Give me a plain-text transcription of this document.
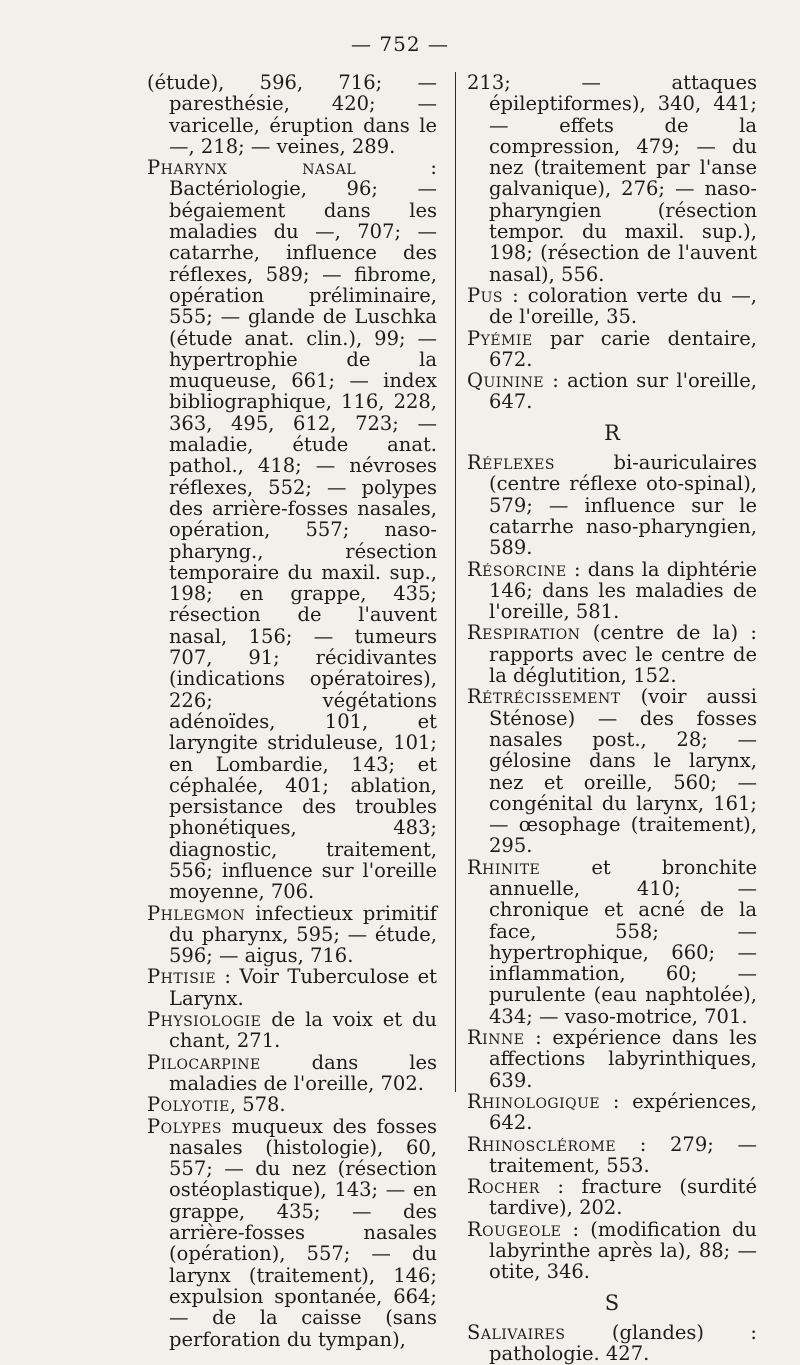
— 752 —

(étude), 596, 716; —paresthésie, 420; — varicelle, éruption dans le —, 218; — veines, 289.

Pharynx nasal : Bactériologie, 96; — bégaiement dans les maladies du —, 707; — catarrhe, influence des réflexes, 589; — fibrome, opération préliminaire, 555; — glande de Luschka (étude anat. clin.), 99; — hypertrophie de la muqueuse, 661; — index bibliographique, 116, 228, 363, 495, 612, 723; — maladie, étude anat. pathol., 418; — névroses réflexes, 552; — polypes des arrière-fosses nasales, opération, 557; naso-pharyng., résection temporaire du maxil. sup., 198; en grappe, 435; résection de l'auvent nasal, 156; — tumeurs 707, 91; récidivantes (indications opératoires), 226; végétations adénoïdes, 101, et laryngite striduleuse, 101; en Lombardie, 143; et céphalée, 401; ablation, persistance des troubles phonétiques, 483; diagnostic, traitement, 556; influence sur l'oreille moyenne, 706.

Phlegmon infectieux primitif du pharynx, 595; — étude, 596; — aigus, 716.

Phtisie : Voir Tuberculose et Larynx.

Physiologie de la voix et du chant, 271.

Pilocarpine dans les maladies de l'oreille, 702.

Polyotie, 578.

Polypes muqueux des fosses nasales (histologie), 60, 557; — du nez (résection ostéoplastique), 143; — en grappe, 435; — des arrière-fosses nasales (opération), 557; — du larynx (traitement), 146; expulsion spontanée, 664; — de la caisse (sans perforation du tympan),

213; — attaques épileptiformes), 340, 441; — effets de la compression, 479; — du nez (traitement par l'anse galvanique), 276; — naso-pharyngien (résection tempor. du maxil. sup.), 198; (résection de l'auvent nasal), 556.

Pus : coloration verte du —, de l'oreille, 35.

Pyémie par carie dentaire, 672.

Quinine : action sur l'oreille, 647.

R

Réflexes bi-auriculaires (centre réflexe oto-spinal), 579; — influence sur le catarrhe naso-pharyngien, 589.

Résorcine : dans la diphtérie 146; dans les maladies de l'oreille, 581.

Respiration (centre de la) : rapports avec le centre de la déglutition, 152.

Rétrécissement (voir aussi Sténose) — des fosses nasales post., 28; — gélosine dans le larynx, nez et oreille, 560; — congénital du larynx, 161; — œsophage (traitement), 295.

Rhinite et bronchite annuelle, 410; — chronique et acné de la face, 558; — hypertrophique, 660; — inflammation, 60; — purulente (eau naphtolée), 434; — vaso-motrice, 701.

Rinne : expérience dans les affections labyrinthiques, 639.

Rhinologique : expériences, 642.

Rhinosclérome : 279; — traitement, 553.

Rocher : fracture (surdité tardive), 202.

Rougeole : (modification du labyrinthe après la), 88; — otite, 346.

S

Salivaires (glandes) : pathologie. 427.
